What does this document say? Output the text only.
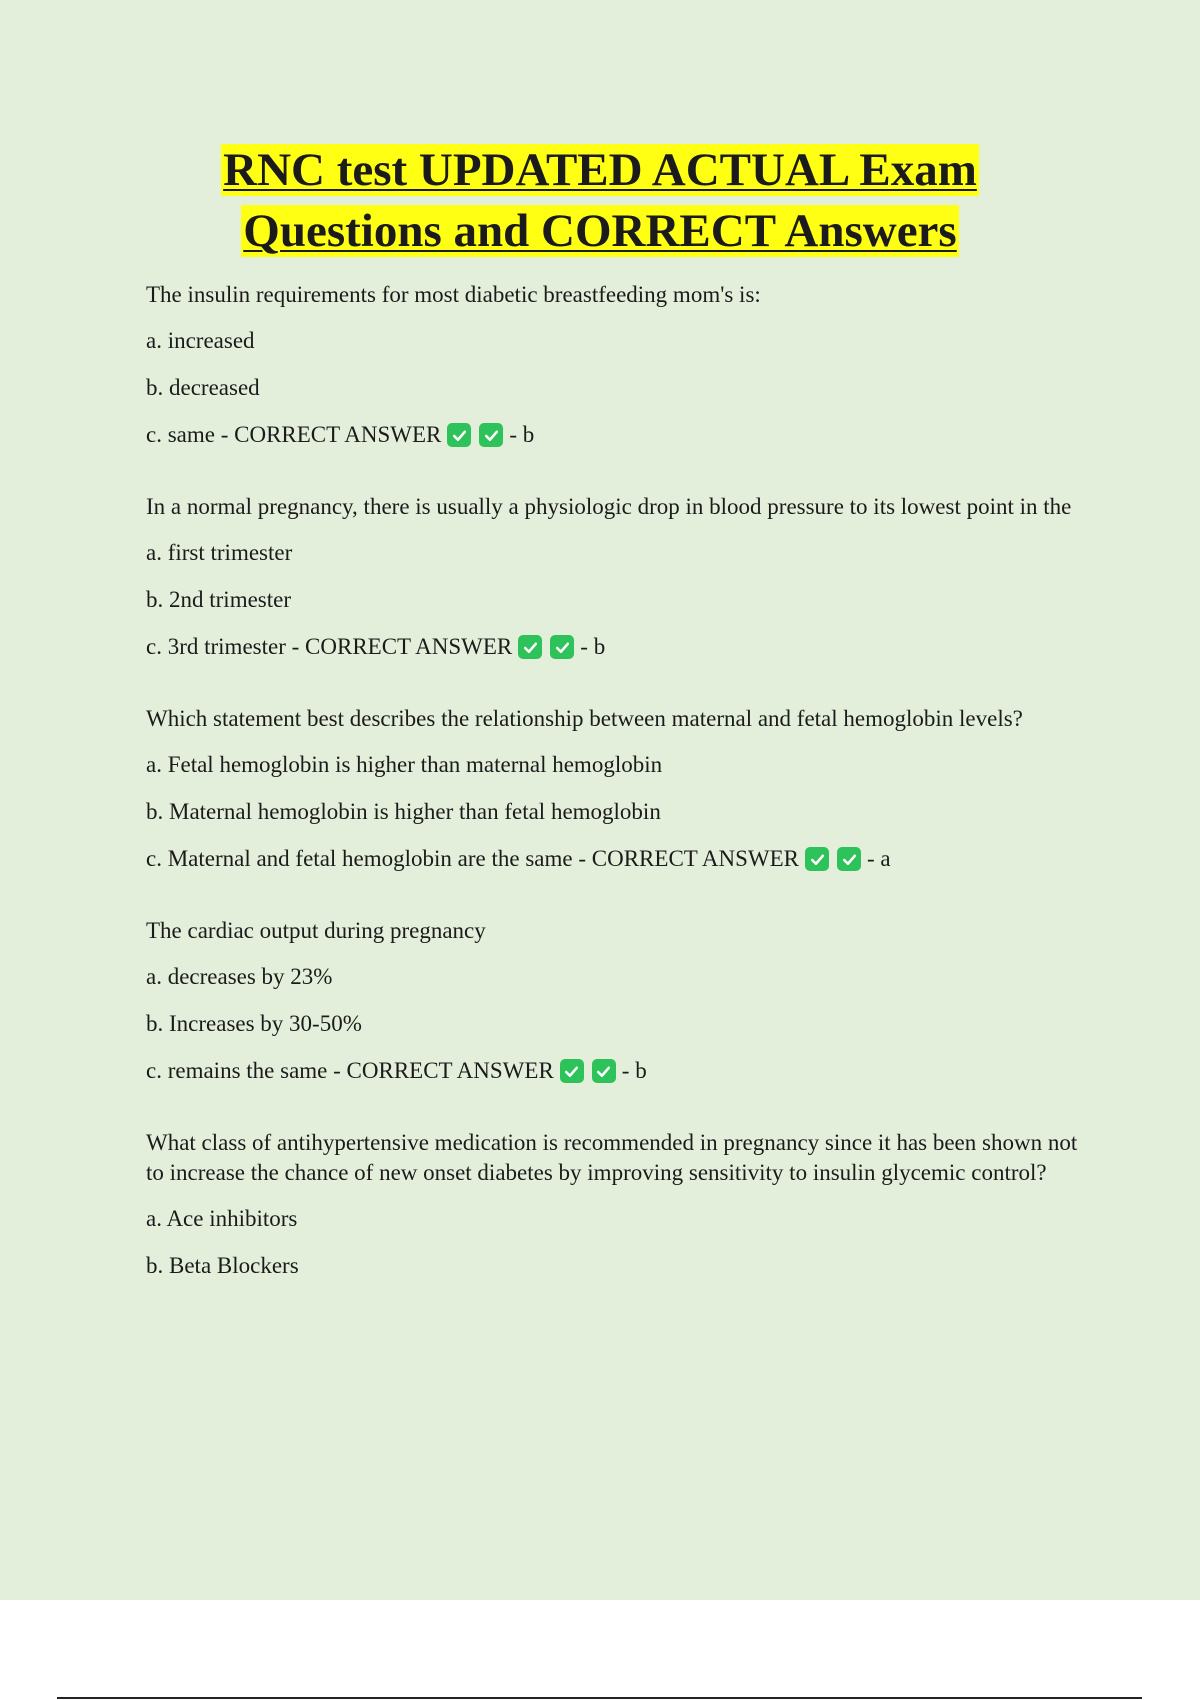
RNC test UPDATED ACTUAL Exam
Questions and CORRECT Answers

The insulin requirements for most diabetic breastfeeding mom's is:

a. increased

b. decreased

c. same - CORRECT ANSWER	- b

In a normal pregnancy, there is usually a physiologic drop in blood pressure to its lowest point in the

a. first trimester

b. 2nd trimester

c. 3rd trimester - CORRECT ANSWER	- b

Which statement best describes the relationship between maternal and fetal hemoglobin levels?

a. Fetal hemoglobin is higher than maternal hemoglobin

b. Maternal hemoglobin is higher than fetal hemoglobin

c. Maternal and fetal hemoglobin are the same - CORRECT ANSWER	- a

The cardiac output during pregnancy

a. decreases by 23%

b. Increases by 30-50%

c. remains the same - CORRECT ANSWER	- b

What class of antihypertensive medication is recommended in pregnancy since it has been shown not to increase the chance of new onset diabetes by improving sensitivity to insulin glycemic control?

a. Ace inhibitors

b. Beta Blockers
